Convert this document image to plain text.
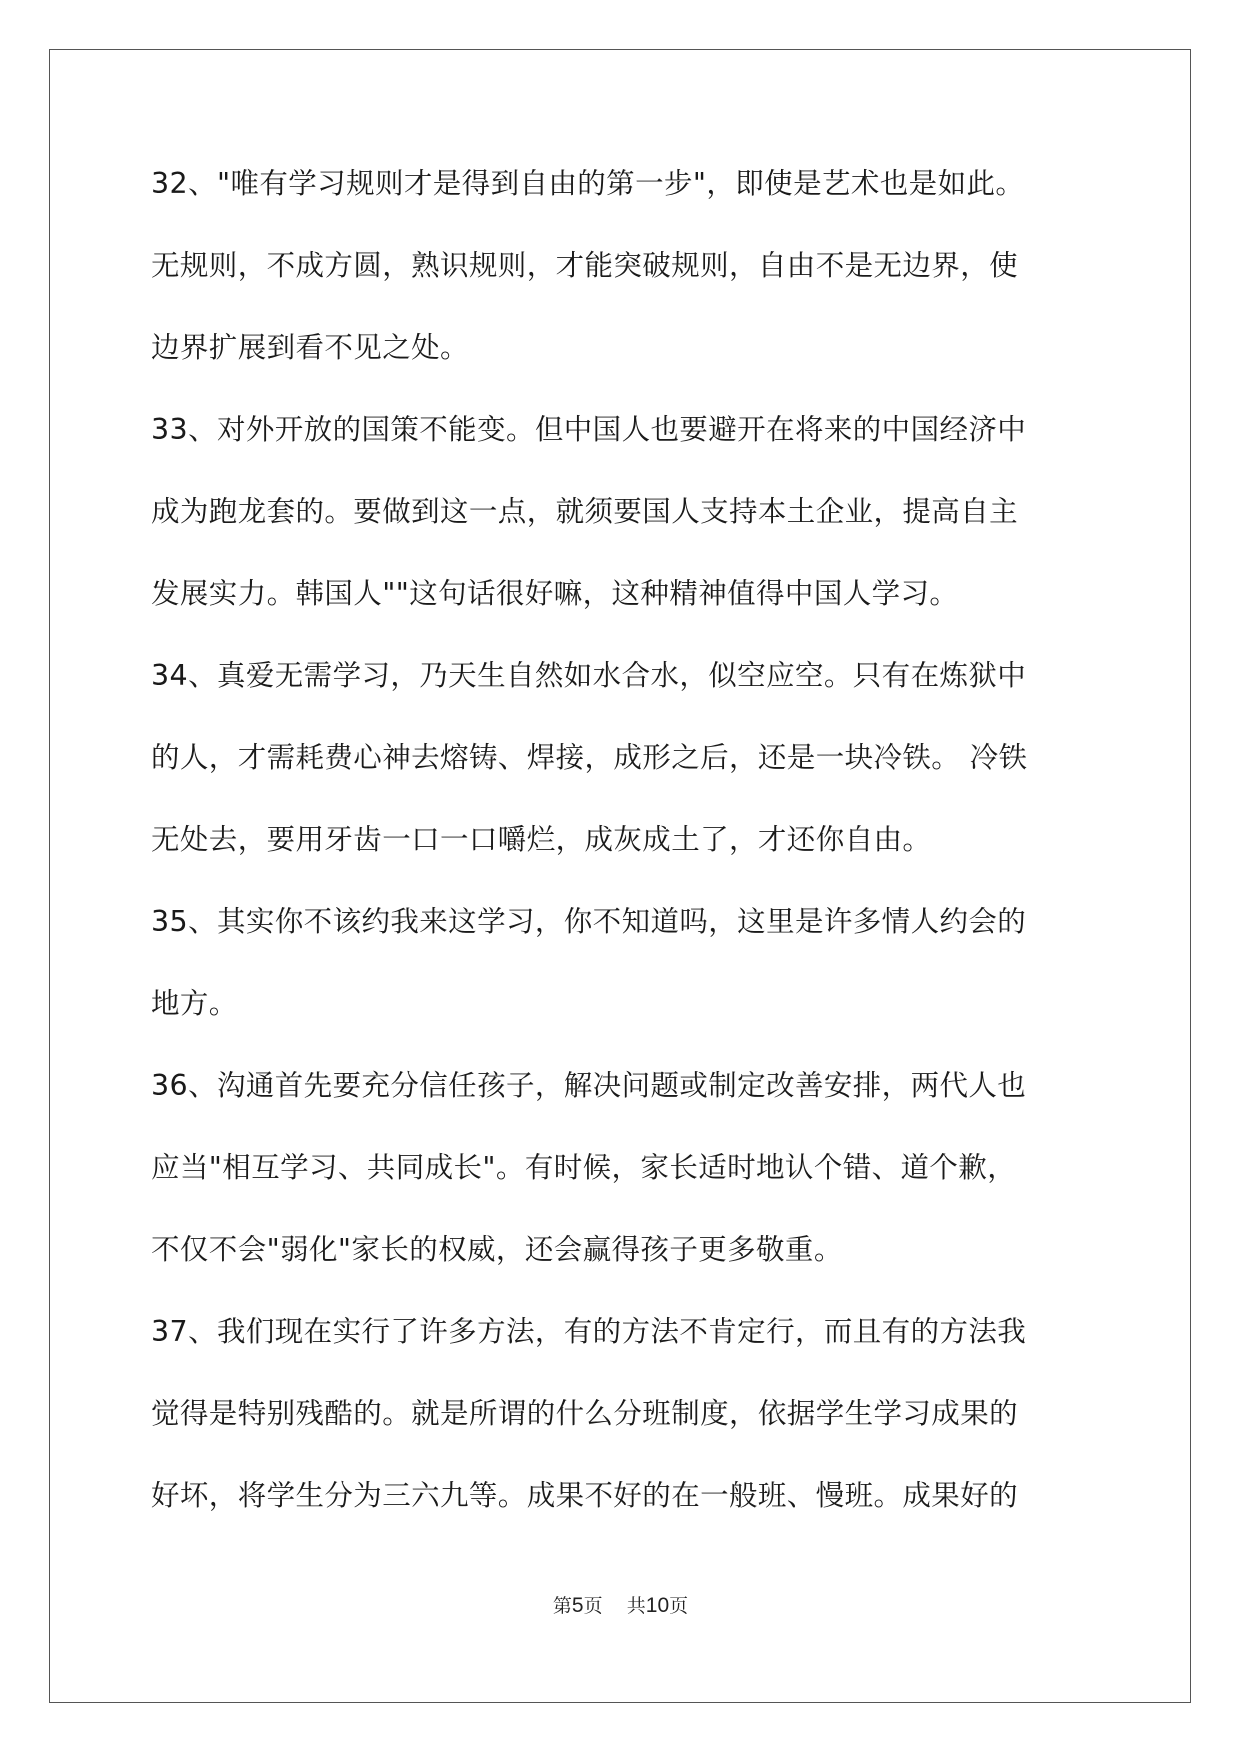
32、"唯有学习规则才是得到自由的第一步"，即使是艺术也是如此。
无规则，不成方圆，熟识规则，才能突破规则，自由不是无边界，使
边界扩展到看不见之处。
33、对外开放的国策不能变。但中国人也要避开在将来的中国经济中
成为跑龙套的。要做到这一点，就须要国人支持本土企业，提高自主
发展实力。韩国人""这句话很好嘛，这种精神值得中国人学习。
34、真爱无需学习，乃天生自然如水合水，似空应空。只有在炼狱中
的人，才需耗费心神去熔铸、焊接，成形之后，还是一块冷铁。 冷铁
无处去，要用牙齿一口一口嚼烂，成灰成土了，才还你自由。
35、其实你不该约我来这学习，你不知道吗，这里是许多情人约会的
地方。
36、沟通首先要充分信任孩子，解决问题或制定改善安排，两代人也
应当"相互学习、共同成长"。有时候，家长适时地认个错、道个歉，
不仅不会"弱化"家长的权威，还会赢得孩子更多敬重。
37、我们现在实行了许多方法，有的方法不肯定行，而且有的方法我
觉得是特别残酷的。就是所谓的什么分班制度，依据学生学习成果的
好坏，将学生分为三六九等。成果不好的在一般班、慢班。成果好的
第5页 共10页
